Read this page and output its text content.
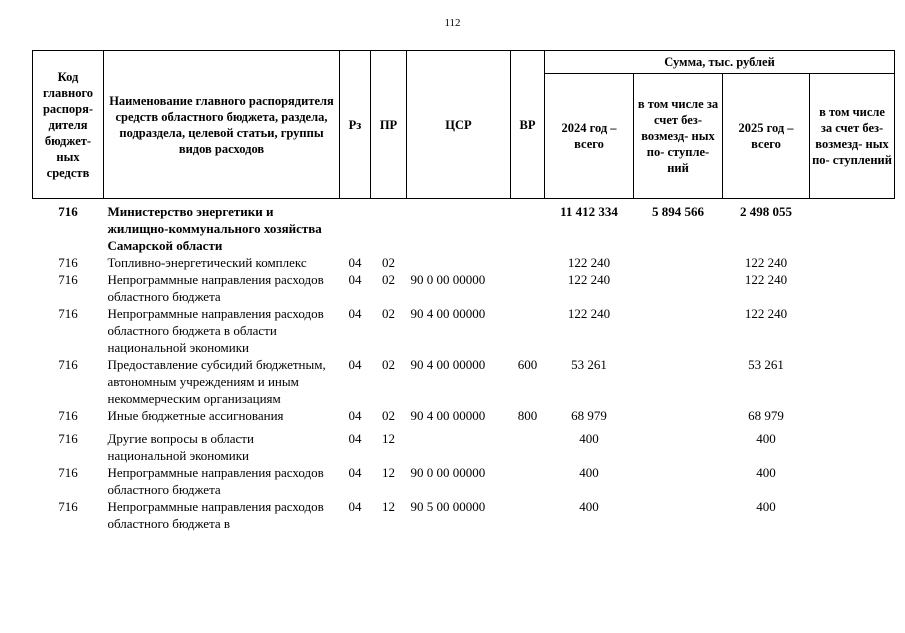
112
Код главного распоря- дителя бюджет- ных средств	Наименование главного распорядителя средств областного бюджета, раздела, подраздела, целевой статьи, группы видов расходов	Рз	ПР	ЦСР	ВР	Сумма, тыс. рублей			
						2024 год – всего	в том числе за счет без- возмезд- ных по- ступле- ний	2025 год – всего	в том числе за счет без- возмезд- ных по- ступлений
716	Министерство энергетики и жилищно-коммунального хозяйства Самарской области					11 412 334	5 894 566	2 498 055	
716	Топливно-энергетический комплекс	04	02			122 240		122 240	
716	Непрограммные направления расходов областного бюджета	04	02	90 0 00 00000		122 240		122 240	
716	Непрограммные направления расходов областного бюджета в области национальной экономики	04	02	90 4 00 00000		122 240		122 240	
716	Предоставление субсидий бюджетным, автономным учреждениям и иным некоммерческим организациям	04	02	90 4 00 00000	600	53 261		53 261	
716	Иные бюджетные ассигнования	04	02	90 4 00 00000	800	68 979		68 979	
716	Другие вопросы в области национальной экономики	04	12			400		400	
716	Непрограммные направления расходов областного бюджета	04	12	90 0 00 00000		400		400	
716	Непрограммные направления расходов областного бюджета в	04	12	90 5 00 00000		400		400	
